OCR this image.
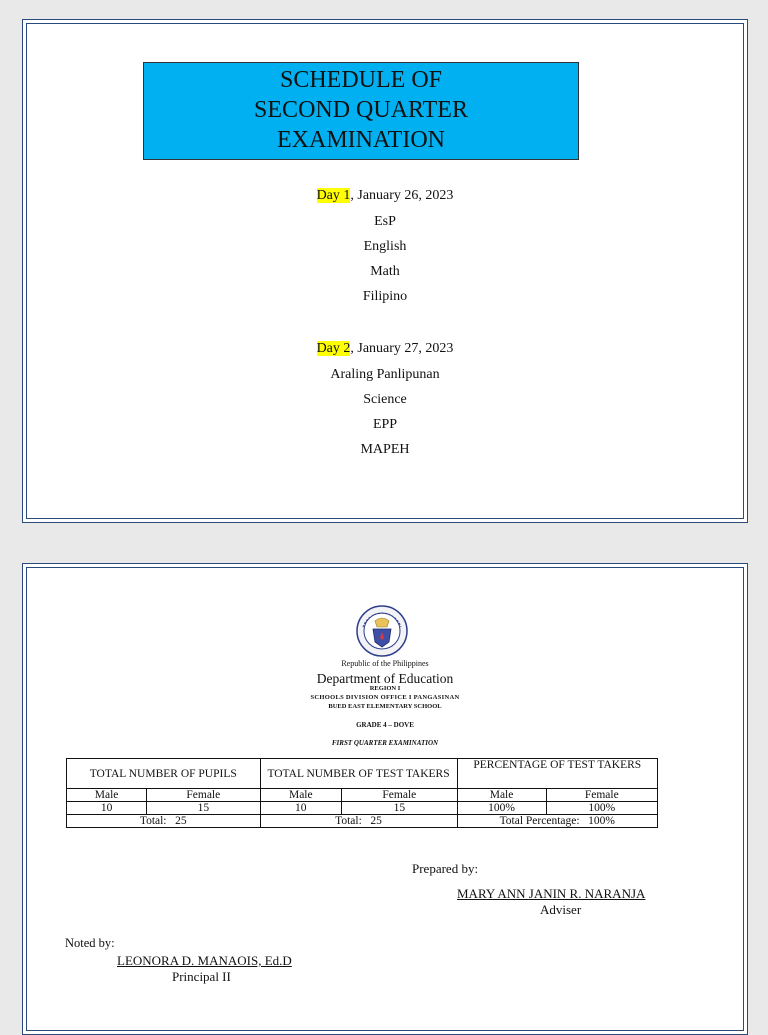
SCHEDULE OF
SECOND QUARTER
EXAMINATION
Day 1, January 26, 2023
EsP
English
Math
Filipino
Day 2, January 27, 2023
Araling Panlipunan
Science
EPP
MAPEH
Republic of the Philippines
Department of Education
REGION I
SCHOOLS DIVISION OFFICE I PANGASINAN
BUED EAST ELEMENTARY SCHOOL
GRADE 4 – DOVE
FIRST QUARTER EXAMINATION
TOTAL NUMBER OF PUPILS		TOTAL NUMBER OF TEST TAKERS		PERCENTAGE OF TEST TAKERS	
Male	Female	Male	Female	Male	Female
10	15	10	15	100%	100%
Total:   25		Total:   25		Total Percentage:   100%	
Prepared by:
MARY ANN JANIN R. NARANJA
Adviser
Noted by:
LEONORA D. MANAOIS, Ed.D
Principal II
